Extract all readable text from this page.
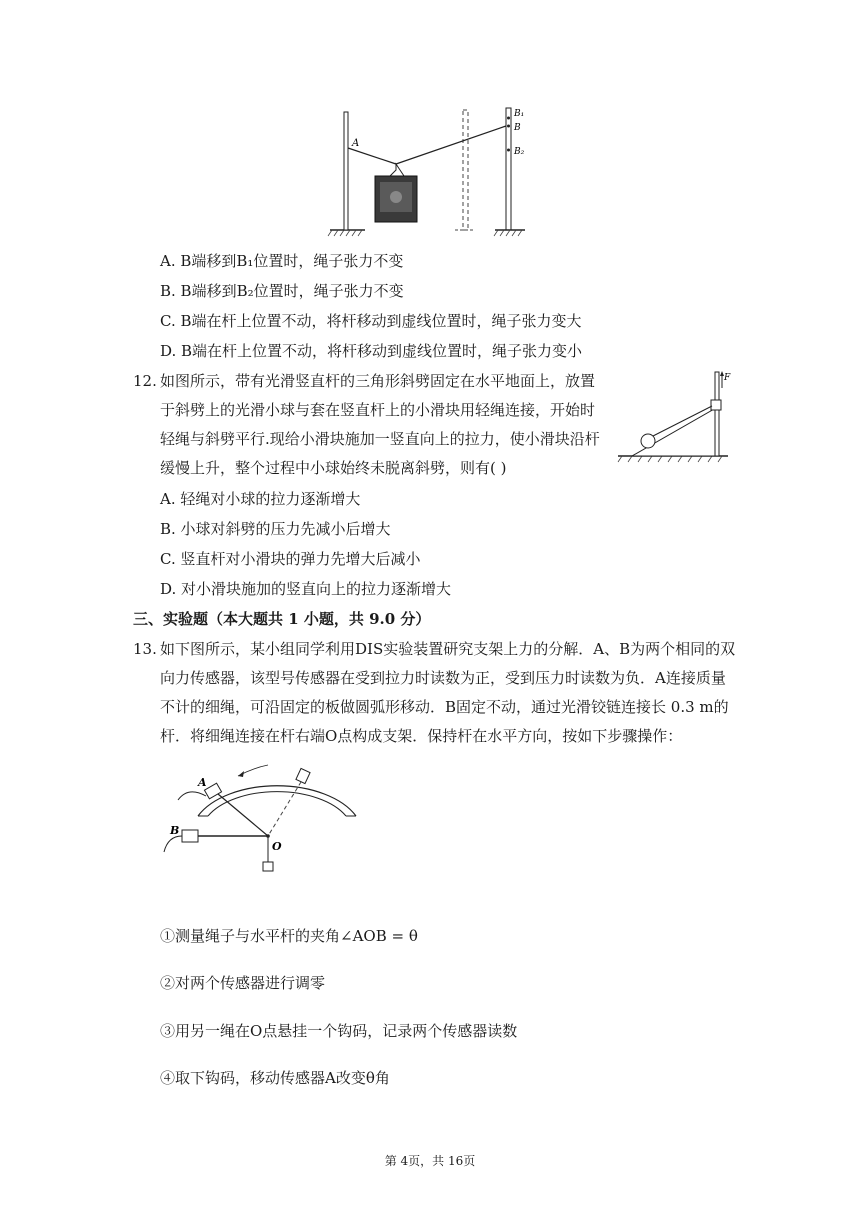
A
B₁
B
B₂
A. B端移到B₁位置时，绳子张力不变
B. B端移到B₂位置时，绳子张力不变
C. B端在杆上位置不动，将杆移动到虚线位置时，绳子张力变大
D. B端在杆上位置不动，将杆移动到虚线位置时，绳子张力变小
12. 如图所示，带有光滑竖直杆的三角形斜劈固定在水平地面上，放置
于斜劈上的光滑小球与套在竖直杆上的小滑块用轻绳连接，开始时
轻绳与斜劈平行.现给小滑块施加一竖直向上的拉力，使小滑块沿杆
缓慢上升，整个过程中小球始终未脱离斜劈，则有( )
F
A. 轻绳对小球的拉力逐渐增大
B. 小球对斜劈的压力先减小后增大
C. 竖直杆对小滑块的弹力先增大后减小
D. 对小滑块施加的竖直向上的拉力逐渐增大
三、实验题（本大题共 1 小题，共 9.0 分）
13. 如下图所示，某小组同学利用DIS实验装置研究支架上力的分解．A、B为两个相同的双
向力传感器，该型号传感器在受到拉力时读数为正，受到压力时读数为负．A连接质量
不计的细绳，可沿固定的板做圆弧形移动．B固定不动，通过光滑铰链连接长 0.3 m的
杆．将细绳连接在杆右端O点构成支架．保持杆在水平方向，按如下步骤操作：
A
B
O
①测量绳子与水平杆的夹角∠AOB = θ
②对两个传感器进行调零
③用另一绳在O点悬挂一个钩码，记录两个传感器读数
④取下钩码，移动传感器A改变θ角
第 4页，共 16页
